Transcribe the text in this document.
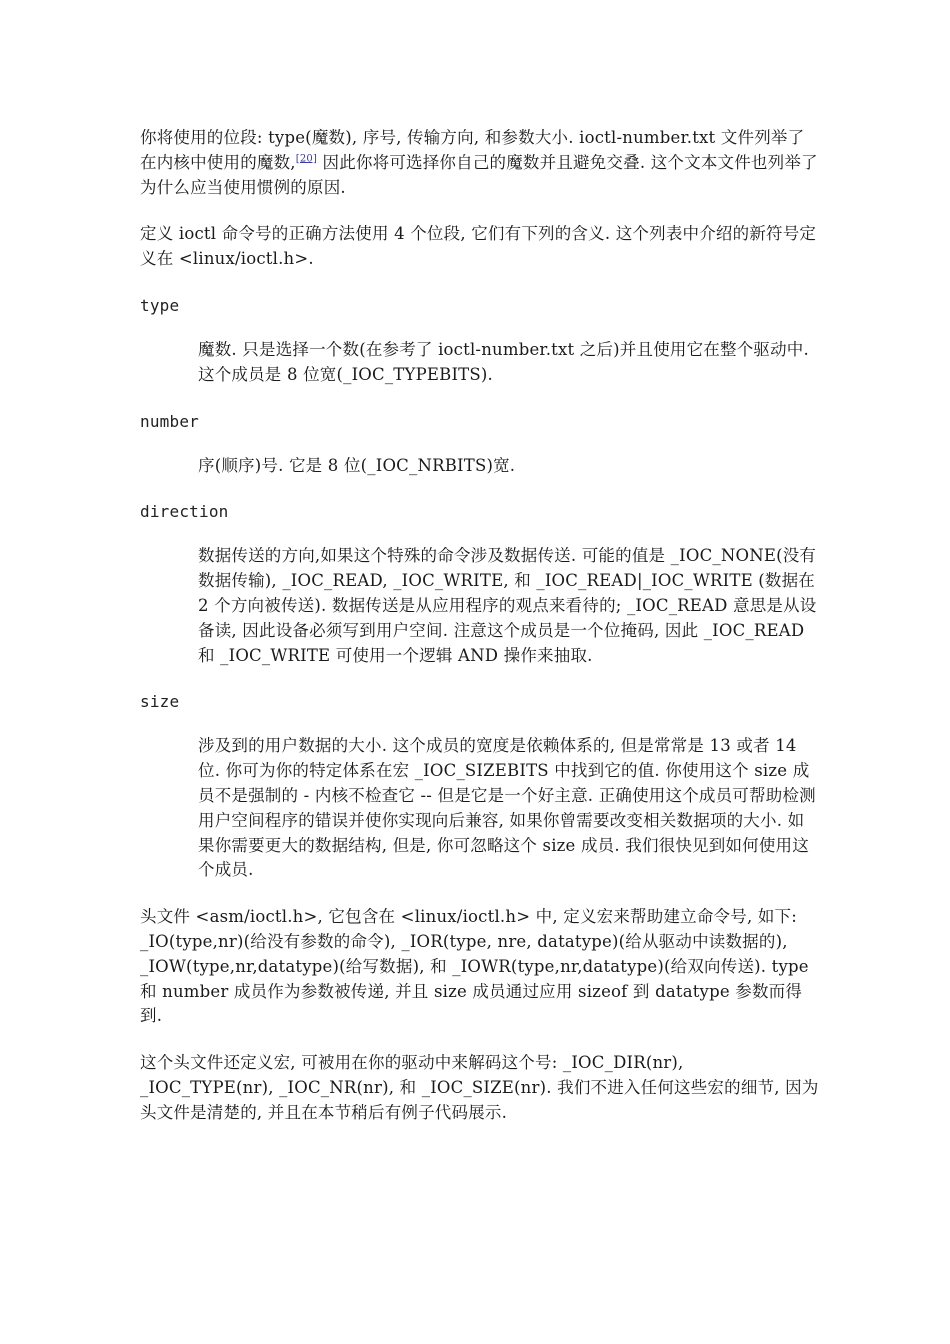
你将使用的位段: type(魔数), 序号, 传输方向, 和参数大小. ioctl-number.txt 文件列举了在内核中使用的魔数,[20] 因此你将可选择你自己的魔数并且避免交叠. 这个文本文件也列举了为什么应当使用惯例的原因.

定义 ioctl 命令号的正确方法使用 4 个位段, 它们有下列的含义. 这个列表中介绍的新符号定义在 <linux/ioctl.h>.

type

魔数. 只是选择一个数(在参考了 ioctl-number.txt 之后)并且使用它在整个驱动中. 这个成员是 8 位宽(_IOC_TYPEBITS).

number

序(顺序)号. 它是 8 位(_IOC_NRBITS)宽.

direction

数据传送的方向,如果这个特殊的命令涉及数据传送. 可能的值是 _IOC_NONE(没有数据传输), _IOC_READ, _IOC_WRITE, 和 _IOC_READ|_IOC_WRITE (数据在 2 个方向被传送). 数据传送是从应用程序的观点来看待的; _IOC_READ 意思是从设备读, 因此设备必须写到用户空间. 注意这个成员是一个位掩码, 因此 _IOC_READ 和 _IOC_WRITE 可使用一个逻辑 AND 操作来抽取.

size

涉及到的用户数据的大小. 这个成员的宽度是依赖体系的, 但是常常是 13 或者 14 位. 你可为你的特定体系在宏 _IOC_SIZEBITS 中找到它的值. 你使用这个 size 成员不是强制的 - 内核不检查它 -- 但是它是一个好主意. 正确使用这个成员可帮助检测用户空间程序的错误并使你实现向后兼容, 如果你曾需要改变相关数据项的大小. 如果你需要更大的数据结构, 但是, 你可忽略这个 size 成员. 我们很快见到如何使用这个成员.

头文件 <asm/ioctl.h>, 它包含在 <linux/ioctl.h> 中, 定义宏来帮助建立命令号, 如下: _IO(type,nr)(给没有参数的命令), _IOR(type, nre, datatype)(给从驱动中读数据的), _IOW(type,nr,datatype)(给写数据), 和 _IOWR(type,nr,datatype)(给双向传送). type 和 number 成员作为参数被传递, 并且 size 成员通过应用 sizeof 到 datatype 参数而得到.

这个头文件还定义宏, 可被用在你的驱动中来解码这个号: _IOC_DIR(nr), _IOC_TYPE(nr), _IOC_NR(nr), 和 _IOC_SIZE(nr). 我们不进入任何这些宏的细节, 因为头文件是清楚的, 并且在本节稍后有例子代码展示.
